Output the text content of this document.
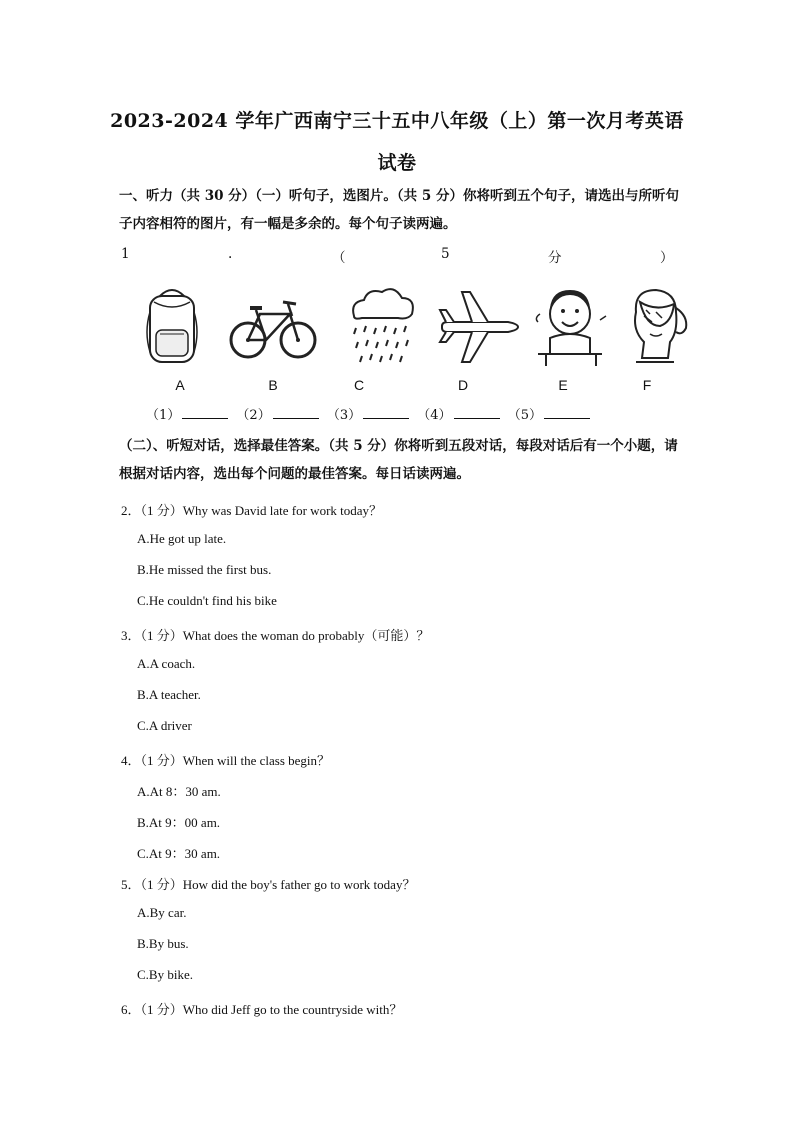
2023-2024 学年广西南宁三十五中八年级（上）第一次月考英语
试卷
一、听力（共 30 分）（一）听句子，选图片。（共 5 分）你将听到五个句子，请选出与所听句子内容相符的图片，有一幅是多余的。每个句子读两遍。
1	.	（	5	分	）
A	B	C	D	E	F
（1）	（2）	（3）	（4）	（5）
（二）、听短对话，选择最佳答案。（共 5 分）你将听到五段对话，每段对话后有一个小题，请根据对话内容，选出每个问题的最佳答案。每日话读两遍。
2．（1 分）Why was David late for work today？
A.He got up late.
B.He missed the first bus.
C.He couldn't find his bike
3．（1 分）What does the woman do probably（可能）？
A.A coach.
B.A teacher.
C.A driver
4．（1 分）When will the class begin？
A.At 8：30 am.
B.At 9：00 am.
C.At 9：30 am.
5．（1 分）How did the boy's father go to work today？
A.By car.
B.By bus.
C.By bike.
6．（1 分）Who did Jeff go to the countryside with？
